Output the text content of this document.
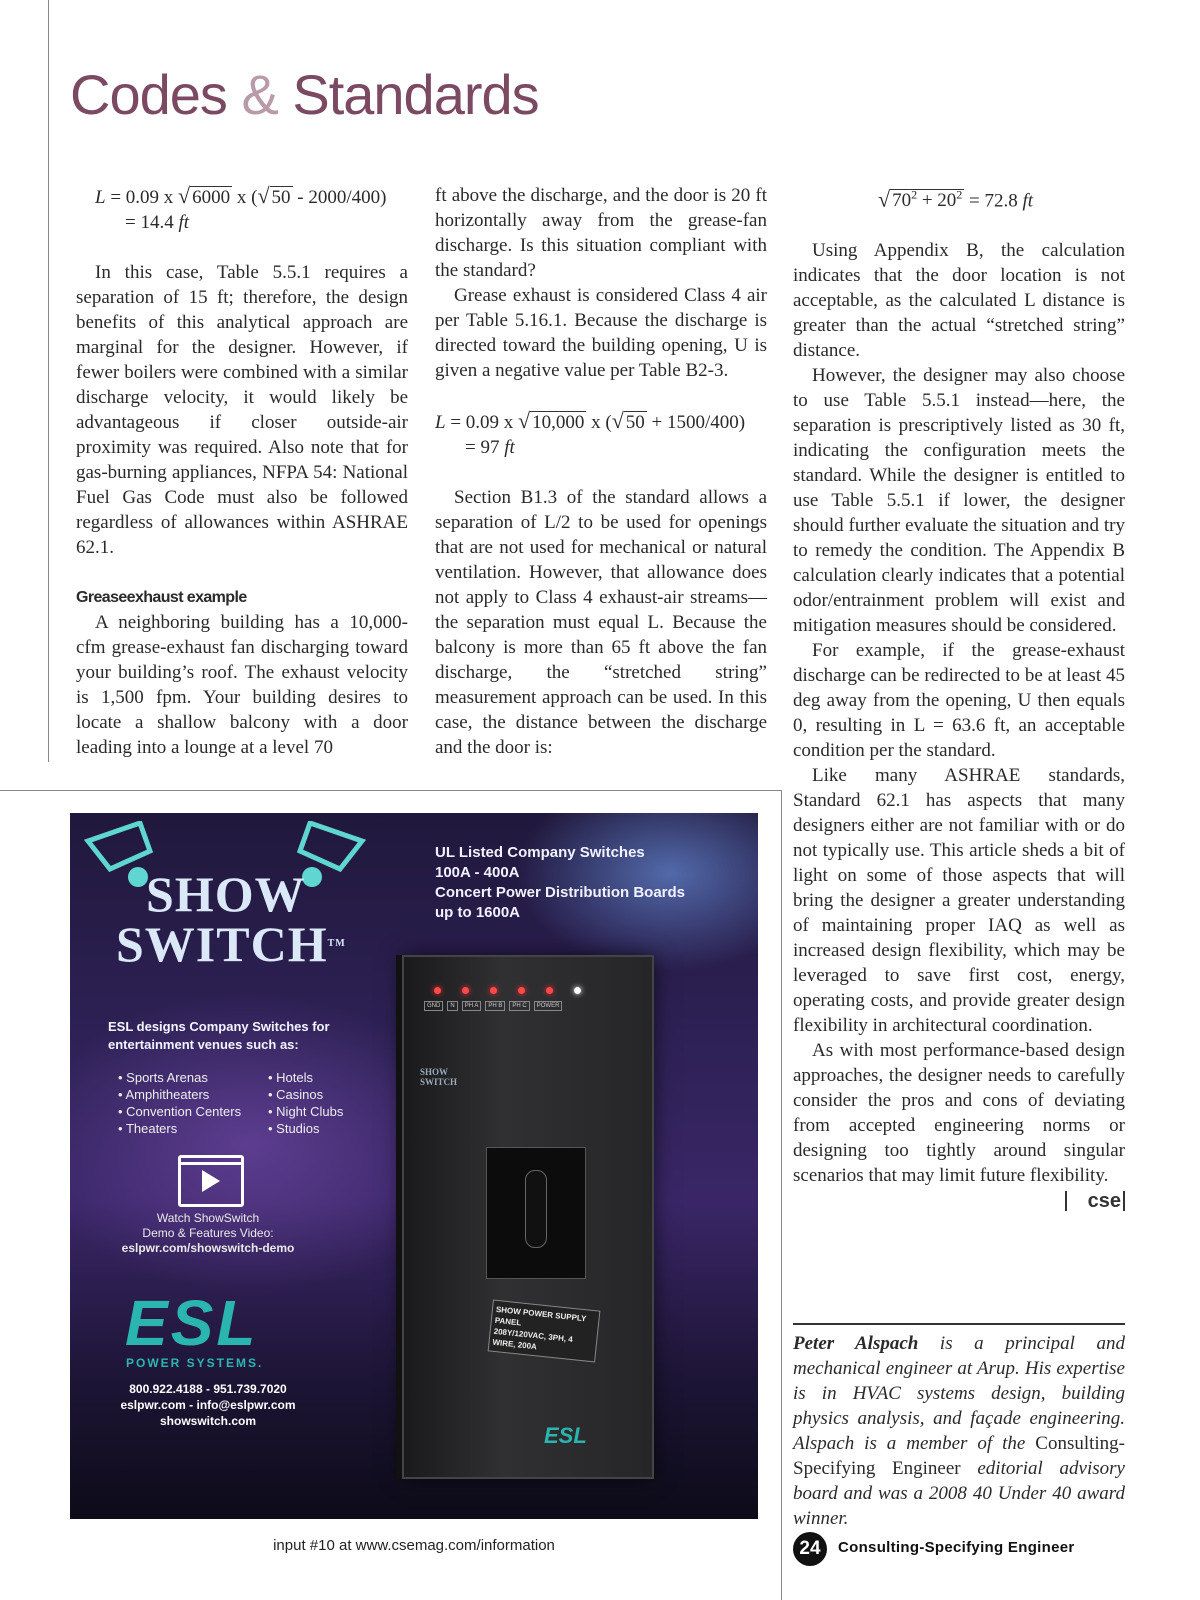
Codes & Standards
L = 0.09 x √ 6000 x (√ 50 - 2000/400)
= 14.4 ft

In this case, Table 5.5.1 requires a separation of 15 ft; therefore, the design benefits of this analytical approach are marginal for the designer. However, if fewer boilers were combined with a similar discharge velocity, it would likely be advantageous if closer outside-air proximity was required. Also note that for gas-burning appliances, NFPA 54: National Fuel Gas Code must also be followed regardless of allowances within ASHRAE 62.1.

Greaseexhaust example

A neighboring building has a 10,000-cfm grease-exhaust fan discharging toward your building’s roof. The exhaust velocity is 1,500 fpm. Your building desires to locate a shallow balcony with a door leading into a lounge at a level 70

ft above the discharge, and the door is 20 ft horizontally away from the grease-fan discharge. Is this situation compliant with the standard?

Grease exhaust is considered Class 4 air per Table 5.16.1. Because the discharge is directed toward the building opening, U is given a negative value per Table B2-3.

L = 0.09 x √ 10,000 x (√ 50 + 1500/400)
= 97 ft

Section B1.3 of the standard allows a separation of L/2 to be used for openings that are not used for mechanical or natural ventilation. However, that allowance does not apply to Class 4 exhaust-air streams—the separation must equal L. Because the balcony is more than 65 ft above the fan discharge, the “stretched string” measurement approach can be used. In this case, the distance between the discharge and the door is:

√ $70^2 + 20^2 = 72.8$ ft

Using Appendix B, the calculation indicates that the door location is not acceptable, as the calculated L distance is greater than the actual “stretched string” distance.

However, the designer may also choose to use Table 5.5.1 instead—here, the separation is prescriptively listed as 30 ft, indicating the configuration meets the standard. While the designer is entitled to use Table 5.5.1 if lower, the designer should further evaluate the situation and try to remedy the condition. The Appendix B calculation clearly indicates that a potential odor/entrainment problem will exist and mitigation measures should be considered.

For example, if the grease-exhaust discharge can be redirected to be at least 45 deg away from the opening, U then equals 0, resulting in L = 63.6 ft, an acceptable condition per the standard.

Like many ASHRAE standards, Standard 62.1 has aspects that many designers either are not familiar with or do not typically use. This article sheds a bit of light on some of those aspects that will bring the designer a greater understanding of maintaining proper IAQ as well as increased design flexibility, which may be leveraged to save first cost, energy, operating costs, and provide greater design flexibility in architectural coordination.

As with most performance-based design approaches, the designer needs to carefully consider the pros and cons of deviating from accepted engineering norms or designing too tightly around singular scenarios that may limit future flexibility.
cse

Peter Alspach is a principal and mechanical engineer at Arup. His expertise is in HVAC systems design, building physics analysis, and façade engineering. Alspach is a member of the Consulting-Specifying Engineer editorial advisory board and was a 2008 40 Under 40 award winner.
SHOW
SWITCH™
UL Listed Company Switches
100A - 400A
Concert Power Distribution Boards
up to 1600A
ESL designs Company Switches for entertainment venues such as:
• Sports Arenas
• Amphitheaters
• Convention Centers
• Theaters
• Hotels
• Casinos
• Night Clubs
• Studios
Watch ShowSwitch
Demo & Features Video:
eslpwr.com/showswitch-demo
ESL
POWER SYSTEMS.
800.922.4188 - 951.739.7020
eslpwr.com - info@eslpwr.com
showswitch.com
GND	N	PH A	PH B	PH C	POWER
SHOW
SWITCH
SHOW POWER SUPPLY PANEL
208Y/120VAC, 3PH, 4 WIRE, 200A
ESL
input #10 at www.csemag.com/information	24	Consulting-Specifying Engineer
